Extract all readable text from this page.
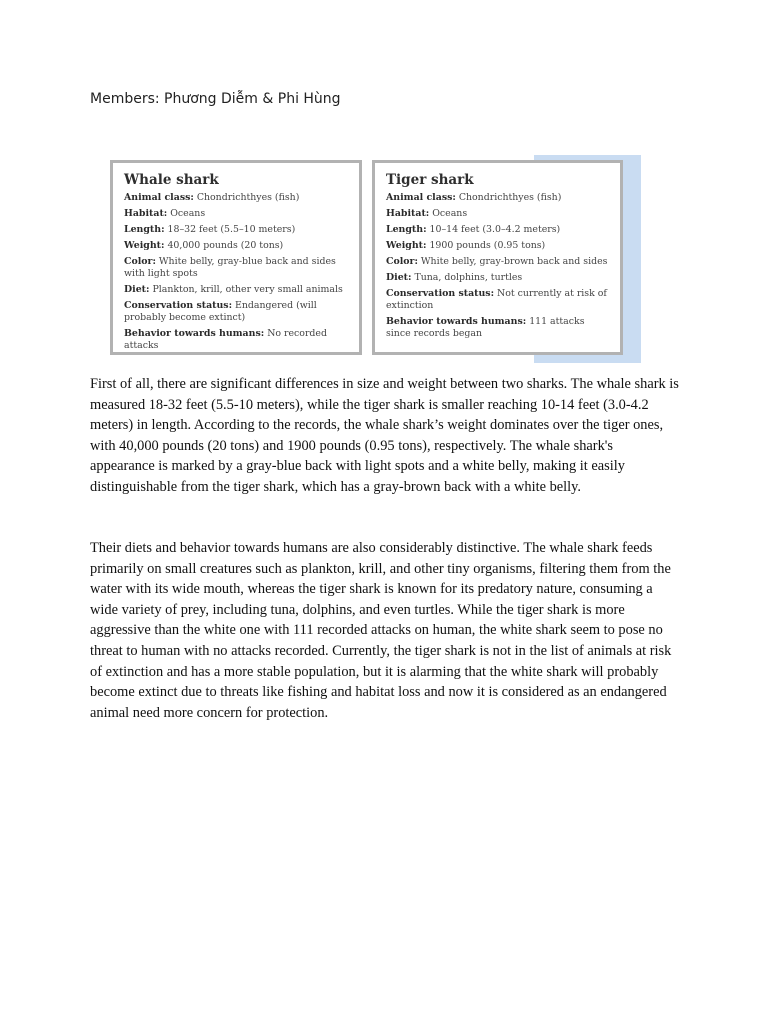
Members: Phương Diễm & Phi Hùng
Whale shark
Animal class: Chondrichthyes (fish)
Habitat: Oceans
Length: 18–32 feet (5.5–10 meters)
Weight: 40,000 pounds (20 tons)
Color: White belly, gray-blue back and sides with light spots
Diet: Plankton, krill, other very small animals
Conservation status: Endangered (will probably become extinct)
Behavior towards humans: No recorded attacks
Tiger shark
Animal class: Chondrichthyes (fish)
Habitat: Oceans
Length: 10–14 feet (3.0–4.2 meters)
Weight: 1900 pounds (0.95 tons)
Color: White belly, gray-brown back and sides
Diet: Tuna, dolphins, turtles
Conservation status: Not currently at risk of extinction
Behavior towards humans: 111 attacks since records began

First of all, there are significant differences in size and weight between two sharks. The whale shark is measured 18-32 feet (5.5-10 meters), while the tiger shark is smaller reaching 10-14 feet (3.0-4.2 meters) in length. According to the records, the whale shark’s weight dominates over the tiger ones, with 40,000 pounds (20 tons) and 1900 pounds (0.95 tons), respectively. The whale shark's appearance is marked by a gray-blue back with light spots and a white belly, making it easily distinguishable from the tiger shark, which has a gray-brown back with a white belly.

Their diets and behavior towards humans are also considerably distinctive. The whale shark feeds primarily on small creatures such as plankton, krill, and other tiny organisms, filtering them from the water with its wide mouth, whereas the tiger shark is known for its predatory nature, consuming a wide variety of prey, including tuna, dolphins, and even turtles. While the tiger shark is more aggressive than the white one with 111 recorded attacks on human, the white shark seem to pose no threat to human with no attacks recorded. Currently, the tiger shark is not in the list of animals at risk of extinction and has a more stable population, but it is alarming that the white shark will probably become extinct due to threats like fishing and habitat loss and now it is considered as an endangered animal need more concern for protection.
